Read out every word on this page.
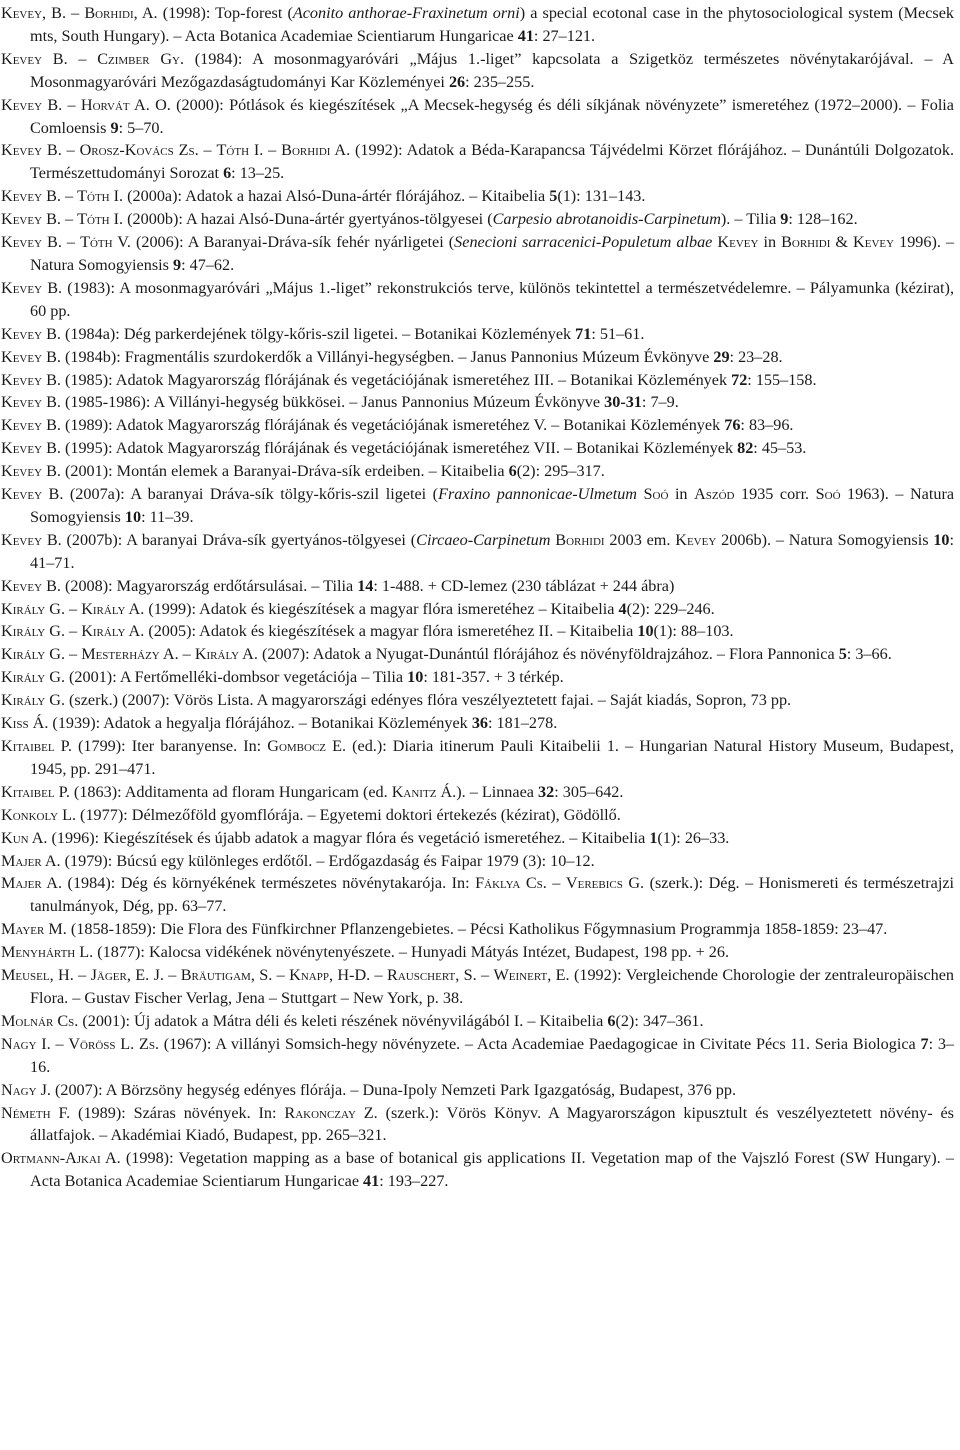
Kevey, B. – Borhidi, A. (1998): Top-forest (Aconito anthorae-Fraxinetum orni) a special ecotonal case in the phytosociological system (Mecsek mts, South Hungary). – Acta Botanica Academiae Scientiarum Hungaricae 41: 27–121.

Kevey B. – Czimber Gy. (1984): A mosonmagyaróvári „Május 1.-liget” kapcsolata a Szigetköz természetes növénytakarójával. – A Mosonmagyaróvári Mezőgazdaságtudományi Kar Közleményei 26: 235–255.

Kevey B. – Horvát A. O. (2000): Pótlások és kiegészítések „A Mecsek-hegység és déli síkjának növényzete” ismeretéhez (1972–2000). – Folia Comloensis 9: 5–70.

Kevey B. – Orosz-Kovács Zs. – Tóth I. – Borhidi A. (1992): Adatok a Béda-Karapancsa Tájvédelmi Körzet flórájához. – Dunántúli Dolgozatok. Természettudományi Sorozat 6: 13–25.

Kevey B. – Tóth I. (2000a): Adatok a hazai Alsó-Duna-ártér flórájához. – Kitaibelia 5(1): 131–143.

Kevey B. – Tóth I. (2000b): A hazai Alsó-Duna-ártér gyertyános-tölgyesei (Carpesio abrotanoidis-Carpinetum). – Tilia 9: 128–162.

Kevey B. – Tóth V. (2006): A Baranyai-Dráva-sík fehér nyárligetei (Senecioni sarracenici-Populetum albae Kevey in Borhidi & Kevey 1996). – Natura Somogyiensis 9: 47–62.

Kevey B. (1983): A mosonmagyaróvári „Május 1.-liget” rekonstrukciós terve, különös tekintettel a természetvédelemre. – Pályamunka (kézirat), 60 pp.

Kevey B. (1984a): Dég parkerdejének tölgy-kőris-szil ligetei. – Botanikai Közlemények 71: 51–61.

Kevey B. (1984b): Fragmentális szurdokerdők a Villányi-hegységben. – Janus Pannonius Múzeum Évkönyve 29: 23–28.

Kevey B. (1985): Adatok Magyarország flórájának és vegetációjának ismeretéhez III. – Botanikai Közlemények 72: 155–158.

Kevey B. (1985-1986): A Villányi-hegység bükkösei. – Janus Pannonius Múzeum Évkönyve 30-31: 7–9.

Kevey B. (1989): Adatok Magyarország flórájának és vegetációjának ismeretéhez V. – Botanikai Közlemények 76: 83–96.

Kevey B. (1995): Adatok Magyarország flórájának és vegetációjának ismeretéhez VII. – Botanikai Közlemények 82: 45–53.

Kevey B. (2001): Montán elemek a Baranyai-Dráva-sík erdeiben. – Kitaibelia 6(2): 295–317.

Kevey B. (2007a): A baranyai Dráva-sík tölgy-kőris-szil ligetei (Fraxino pannonicae-Ulmetum Soó in Aszód 1935 corr. Soó 1963). – Natura Somogyiensis 10: 11–39.

Kevey B. (2007b): A baranyai Dráva-sík gyertyános-tölgyesei (Circaeo-Carpinetum Borhidi 2003 em. Kevey 2006b). – Natura Somogyiensis 10: 41–71.

Kevey B. (2008): Magyarország erdőtársulásai. – Tilia 14: 1-488. + CD-lemez (230 táblázat + 244 ábra)

Király G. – Király A. (1999): Adatok és kiegészítések a magyar flóra ismeretéhez – Kitaibelia 4(2): 229–246.

Király G. – Király A. (2005): Adatok és kiegészítések a magyar flóra ismeretéhez II. – Kitaibelia 10(1): 88–103.

Király G. – Mesterházy A. – Király A. (2007): Adatok a Nyugat-Dunántúl flórájához és növényföldrajzához. – Flora Pannonica 5: 3–66.

Király G. (2001): A Fertőmelléki-dombsor vegetációja – Tilia 10: 181-357. + 3 térkép.

Király G. (szerk.) (2007): Vörös Lista. A magyarországi edényes flóra veszélyeztetett fajai. – Saját kiadás, Sopron, 73 pp.

Kiss Á. (1939): Adatok a hegyalja flórájához. – Botanikai Közlemények 36: 181–278.

Kitaibel P. (1799): Iter baranyense. In: Gombocz E. (ed.): Diaria itinerum Pauli Kitaibelii 1. – Hungarian Natural History Museum, Budapest, 1945, pp. 291–471.

Kitaibel P. (1863): Additamenta ad floram Hungaricam (ed. Kanitz Á.). – Linnaea 32: 305–642.

Konkoly L. (1977): Délmezőföld gyomflórája. – Egyetemi doktori értekezés (kézirat), Gödöllő.

Kun A. (1996): Kiegészítések és újabb adatok a magyar flóra és vegetáció ismeretéhez. – Kitaibelia 1(1): 26–33.

Majer A. (1979): Búcsú egy különleges erdőtől. – Erdőgazdaság és Faipar 1979 (3): 10–12.

Majer A. (1984): Dég és környékének természetes növénytakarója. In: Fáklya Cs. – Verebics G. (szerk.): Dég. – Honismereti és természetrajzi tanulmányok, Dég, pp. 63–77.

Mayer M. (1858-1859): Die Flora des Fünfkirchner Pflanzengebietes. – Pécsi Katholikus Főgymnasium Programmja 1858-1859: 23–47.

Menyhárth L. (1877): Kalocsa vidékének növénytenyészete. – Hunyadi Mátyás Intézet, Budapest, 198 pp. + 26.

Meusel, H. – Jäger, E. J. – Bräutigam, S. – Knapp, H-D. – Rauschert, S. – Weinert, E. (1992): Vergleichende Chorologie der zentraleuropäischen Flora. – Gustav Fischer Verlag, Jena – Stuttgart – New York, p. 38.

Molnár Cs. (2001): Új adatok a Mátra déli és keleti részének növényvilágából I. – Kitaibelia 6(2): 347–361.

Nagy I. – Vöröss L. Zs. (1967): A villányi Somsich-hegy növényzete. – Acta Academiae Paedagogicae in Civitate Pécs 11. Seria Biologica 7: 3–16.

Nagy J. (2007): A Börzsöny hegység edényes flórája. – Duna-Ipoly Nemzeti Park Igazgatóság, Budapest, 376 pp.

Németh F. (1989): Száras növények. In: Rakonczay Z. (szerk.): Vörös Könyv. A Magyarországon kipusztult és veszélyeztetett növény- és állatfajok. – Akadémiai Kiadó, Budapest, pp. 265–321.

Ortmann-Ajkai A. (1998): Vegetation mapping as a base of botanical gis applications II. Vegetation map of the Vajszló Forest (SW Hungary). – Acta Botanica Academiae Scientiarum Hungaricae 41: 193–227.
